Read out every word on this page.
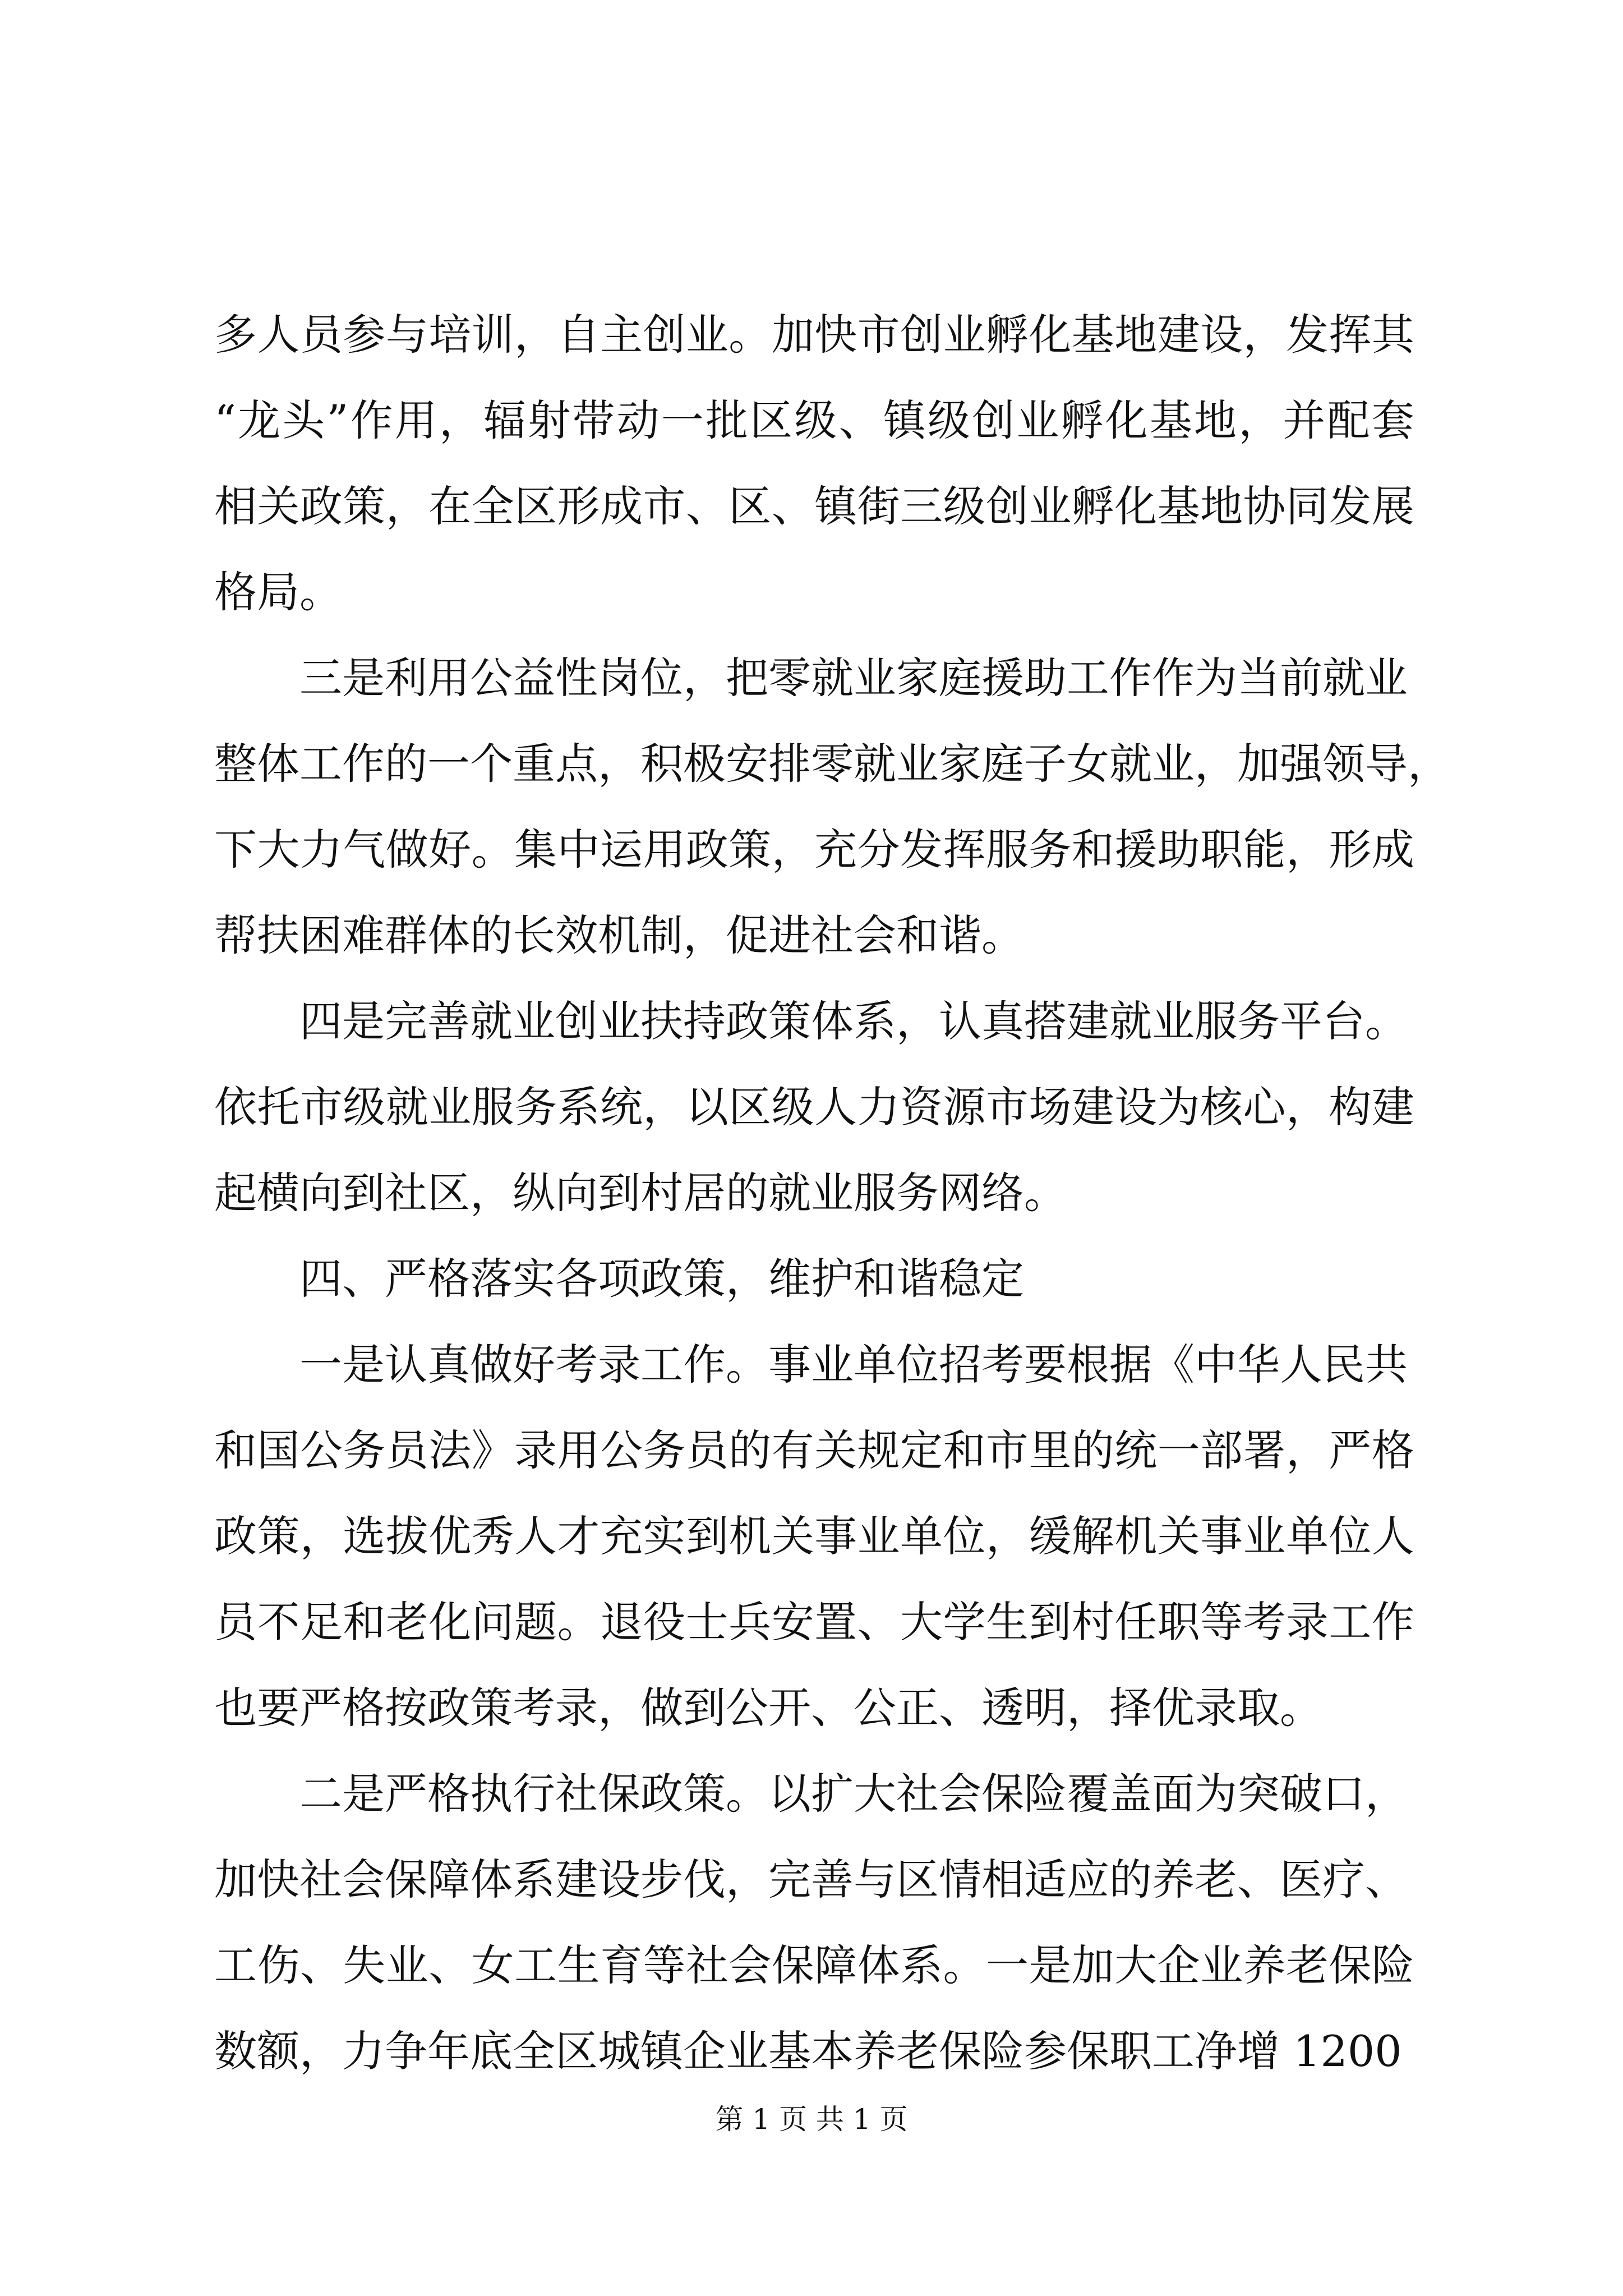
多 人 员 参 与 培 训 ， 自 主 创 业 。 加 快 市 创 业 孵 化 基 地 建 设 ， 发 挥 其
“ 龙 头 ” 作 用 ， 辐 射 带 动 一 批 区 级 、 镇 级 创 业 孵 化 基 地 ， 并 配 套
相 关 政 策 ， 在 全 区 形 成 市 、 区 、 镇 街 三 级 创 业 孵 化 基 地 协 同 发 展
格局。
三是利用公益性岗位，把零就业家庭援助工作作为当前就业
整体工作的一个重点，积极安排零就业家庭子女就业，加强领导，
下 大 力 气 做 好 。 集 中 运 用 政 策 ， 充 分 发 挥 服 务 和 援 助 职 能 ， 形 成
帮扶困难群体的长效机制，促进社会和谐。
四是完善就业创业扶持政策体系，认真搭建就业服务平台。
依 托 市 级 就 业 服 务 系 统 ， 以 区 级 人 力 资 源 市 场 建 设 为 核 心 ， 构 建
起横向到社区，纵向到村居的就业服务网络。
四、严格落实各项政策，维护和谐稳定
一是认真做好考录工作。事业单位招考要根据《中华人民共
和 国 公 务 员 法 》 录 用 公 务 员 的 有 关 规 定 和 市 里 的 统 一 部 署 ， 严 格
政 策 ， 选 拔 优 秀 人 才 充 实 到 机 关 事 业 单 位 ， 缓 解 机 关 事 业 单 位 人
员 不 足 和 老 化 问 题 。 退 役 士 兵 安 置 、 大 学 生 到 村 任 职 等 考 录 工 作
也要严格按政策考录，做到公开、公正、透明，择优录取。
二是严格执行社保政策。以扩大社会保险覆盖面为突破口，
加快社会保障体系建设步伐，完善与区情相适应的养老、医疗、
工 伤 、 失 业 、 女 工 生 育 等 社 会 保 障 体 系 。 一 是 加 大 企 业 养 老 保 险
数额，力争年底全区城镇企业基本养老保险参保职工净增 1200
第 1 页 共 1 页
